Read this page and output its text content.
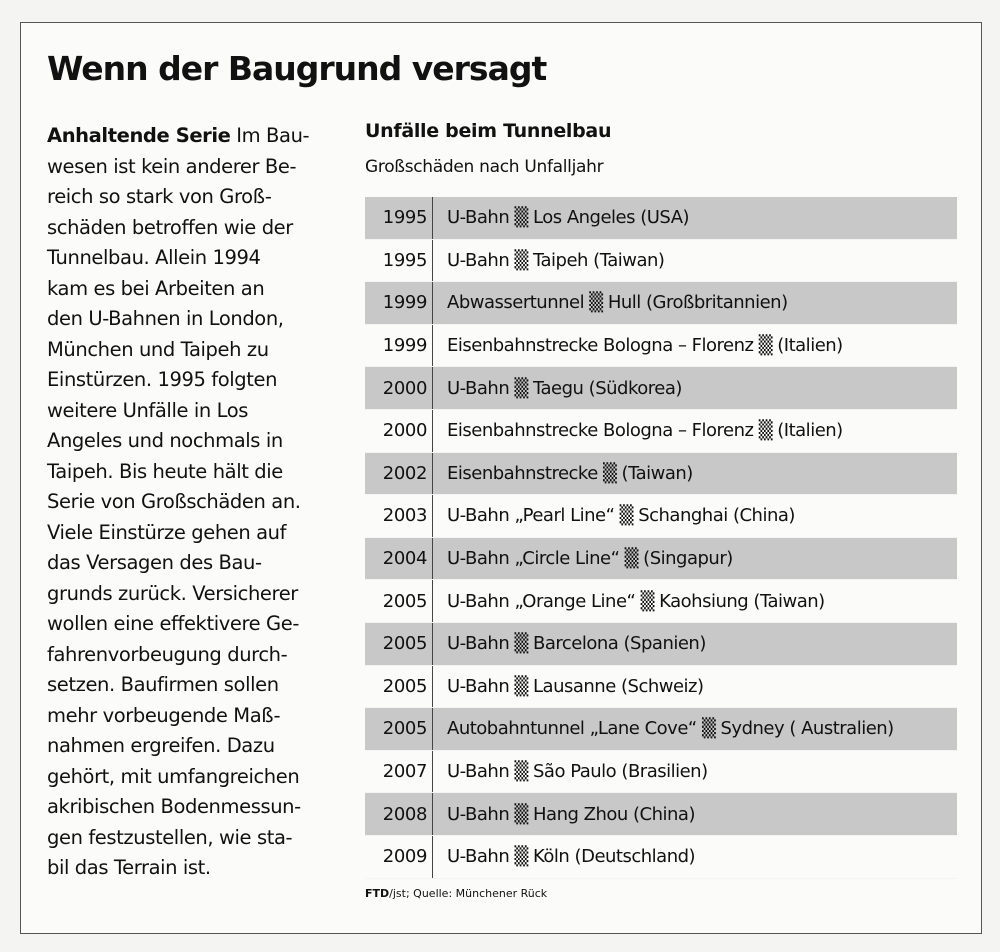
Wenn der Baugrund versagt
Anhaltende Serie Im Bau-
wesen ist kein anderer Be-
reich so stark von Groß-
schäden betroffen wie der
Tunnelbau. Allein 1994
kam es bei Arbeiten an
den U-Bahnen in London,
München und Taipeh zu
Einstürzen. 1995 folgten
weitere Unfälle in Los
Angeles und nochmals in
Taipeh. Bis heute hält die
Serie von Großschäden an.
Viele Einstürze gehen auf
das Versagen des Bau-
grunds zurück. Versicherer
wollen eine effektivere Ge-
fahrenvorbeugung durch-
setzen. Baufirmen sollen
mehr vorbeugende Maß-
nahmen ergreifen. Dazu
gehört, mit umfangreichen
akribischen Bodenmessun-
gen festzustellen, wie sta-
bil das Terrain ist.
Unfälle beim Tunnelbau
Großschäden nach Unfalljahr
1995	U-Bahn ▒ Los Angeles (USA)
1995	U-Bahn ▒ Taipeh (Taiwan)
1999	Abwassertunnel ▒ Hull (Großbritannien)
1999	Eisenbahnstrecke Bologna – Florenz ▒ (Italien)
2000	U-Bahn ▒ Taegu (Südkorea)
2000	Eisenbahnstrecke Bologna – Florenz ▒ (Italien)
2002	Eisenbahnstrecke ▒ (Taiwan)
2003	U-Bahn „Pearl Line“ ▒ Schanghai (China)
2004	U-Bahn „Circle Line“ ▒ (Singapur)
2005	U-Bahn „Orange Line“ ▒ Kaohsiung (Taiwan)
2005	U-Bahn ▒ Barcelona (Spanien)
2005	U-Bahn ▒ Lausanne (Schweiz)
2005	Autobahntunnel „Lane Cove“ ▒ Sydney ( Australien)
2007	U-Bahn ▒ São Paulo (Brasilien)
2008	U-Bahn ▒ Hang Zhou (China)
2009	U-Bahn ▒ Köln (Deutschland)
FTD/jst; Quelle: Münchener Rück
